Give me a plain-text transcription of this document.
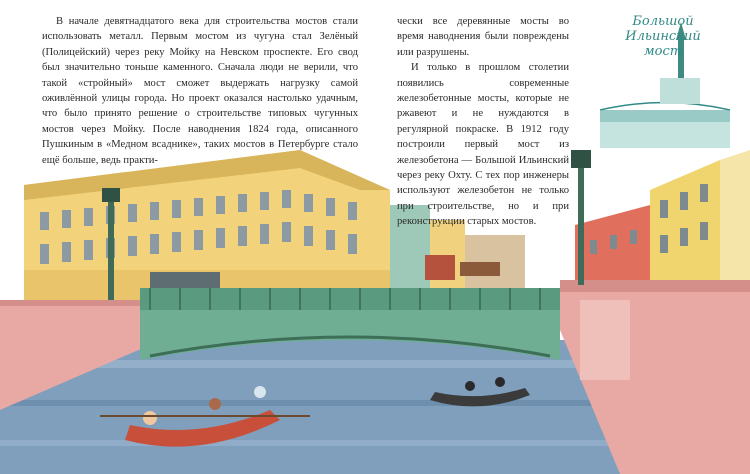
В начале девятнадцатого века для строительства мостов стали использовать металл. Первым мостом из чугуна стал Зелёный (Полицейский) через реку Мойку на Невском проспекте. Его свод был значительно тоньше каменного. Сначала люди не верили, что такой «стройный» мост сможет выдержать нагрузку самой оживлённой улицы города. Но проект оказался настолько удачным, что было принято решение о строительстве типовых чугунных мостов через Мойку. После наводнения 1824 года, описанного Пушкиным в «Медном всаднике», таких мостов в Петербурге стало ещё больше, ведь практи-

чески все деревянные мосты во время наводнения были повреждены или разрушены.

И только в прошлом столетии появились современные железобетонные мосты, которые не ржавеют и не нуждаются в регулярной покраске. В 1912 году построили первый мост из железобетона — Большой Ильинский через реку Охту. С тех пор инженеры используют железобетон не только при строительстве, но и при реконструкции старых мостов.

Большой
Ильинский
мост
